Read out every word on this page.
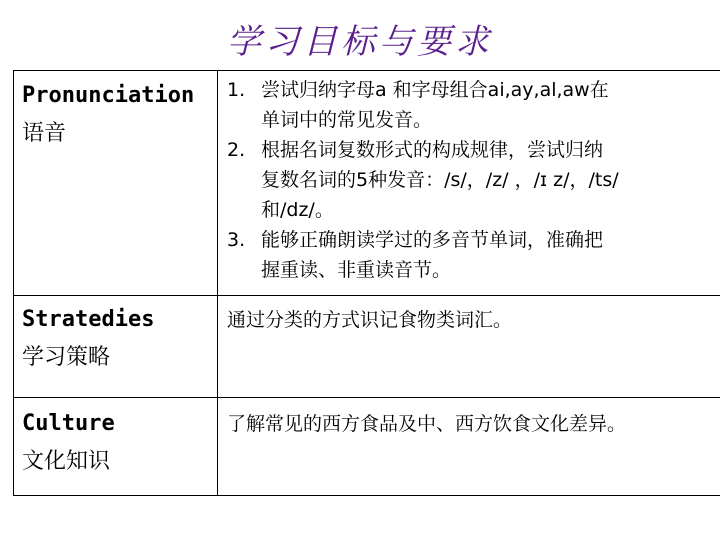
学习目标与要求
Pronunciation
语音
1. 尝试归纳字母a 和字母组合ai,ay,al,aw在
单词中的常见发音。
2. 根据名词复数形式的构成规律，尝试归纳
复数名词的5种发音：/s/，/z/ ，/ɪ z/，/ts/
和/dz/。
3. 能够正确朗读学过的多音节单词，准确把
握重读、非重读音节。
Stratedies
学习策略
通过分类的方式识记食物类词汇。
Culture
文化知识
了解常见的西方食品及中、西方饮食文化差异。
